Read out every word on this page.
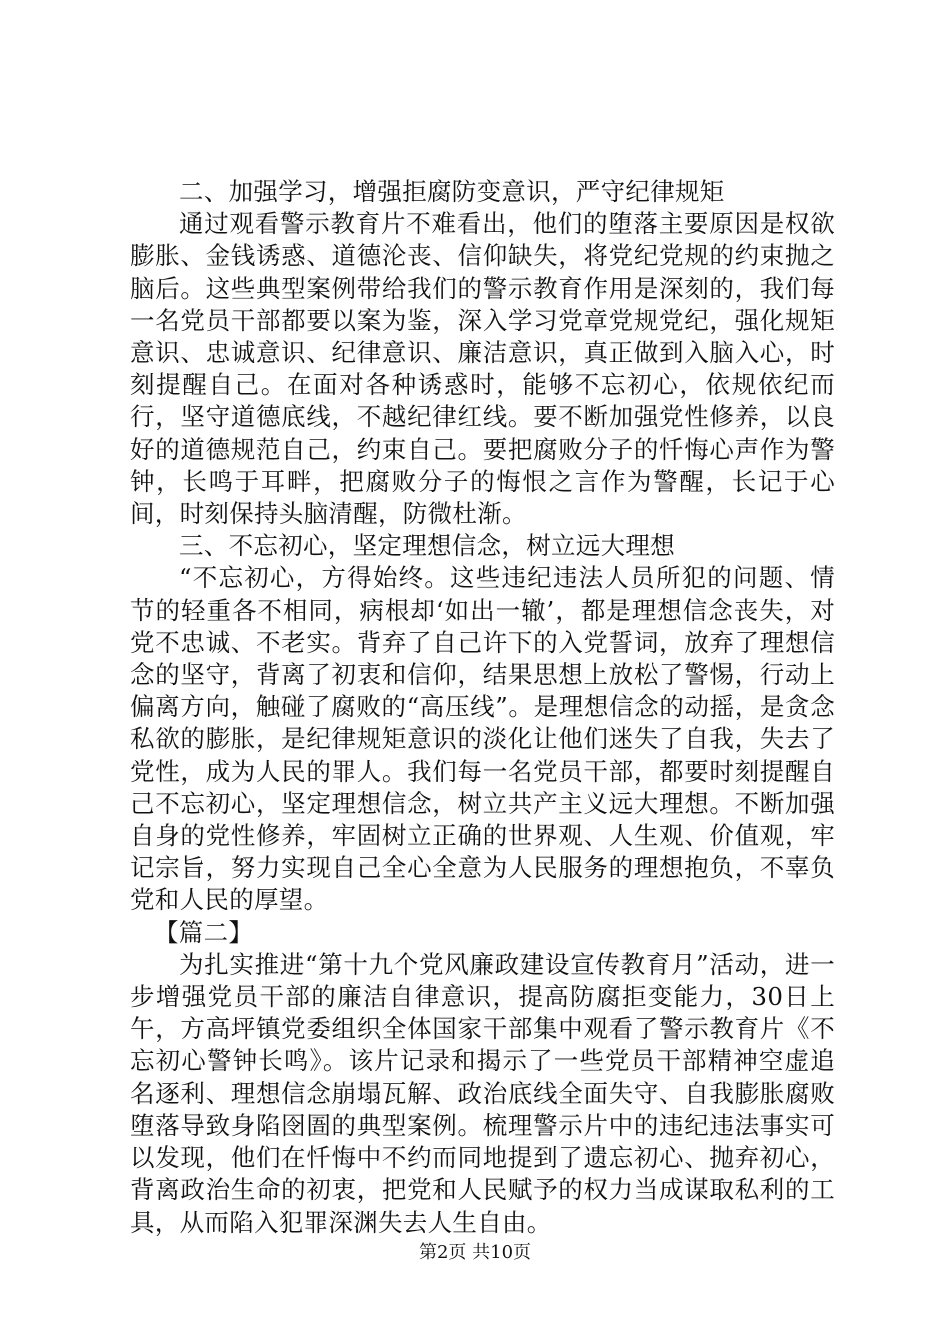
二、加强学习，增强拒腐防变意识，严守纪律规矩

通过观看警示教育片不难看出，他们的堕落主要原因是权欲膨胀、金钱诱惑、道德沦丧、信仰缺失，将党纪党规的约束抛之脑后。这些典型案例带给我们的警示教育作用是深刻的，我们每一名党员干部都要以案为鉴，深入学习党章党规党纪，强化规矩意识、忠诚意识、纪律意识、廉洁意识，真正做到入脑入心，时刻提醒自己。在面对各种诱惑时，能够不忘初心，依规依纪而行，坚守道德底线，不越纪律红线。要不断加强党性修养，以良好的道德规范自己，约束自己。要把腐败分子的忏悔心声作为警钟，长鸣于耳畔，把腐败分子的悔恨之言作为警醒，长记于心间，时刻保持头脑清醒，防微杜渐。

三、不忘初心，坚定理想信念，树立远大理想

“不忘初心，方得始终。这些违纪违法人员所犯的问题、情节的轻重各不相同，病根却‘如出一辙’，都是理想信念丧失，对党不忠诚、不老实。背弃了自己许下的入党誓词，放弃了理想信念的坚守，背离了初衷和信仰，结果思想上放松了警惕，行动上偏离方向，触碰了腐败的“高压线”。是理想信念的动摇，是贪念私欲的膨胀，是纪律规矩意识的淡化让他们迷失了自我，失去了党性，成为人民的罪人。我们每一名党员干部，都要时刻提醒自己不忘初心，坚定理想信念，树立共产主义远大理想。不断加强自身的党性修养，牢固树立正确的世界观、人生观、价值观，牢记宗旨，努力实现自己全心全意为人民服务的理想抱负，不辜负党和人民的厚望。

【篇二】

为扎实推进“第十九个党风廉政建设宣传教育月”活动，进一步增强党员干部的廉洁自律意识，提高防腐拒变能力，30日上午，方高坪镇党委组织全体国家干部集中观看了警示教育片《不忘初心警钟长鸣》。该片记录和揭示了一些党员干部精神空虚追名逐利、理想信念崩塌瓦解、政治底线全面失守、自我膨胀腐败堕落导致身陷囹圄的典型案例。梳理警示片中的违纪违法事实可以发现，他们在忏悔中不约而同地提到了遗忘初心、抛弃初心，背离政治生命的初衷，把党和人民赋予的权力当成谋取私利的工具，从而陷入犯罪深渊失去人生自由。

第2页 共10页
